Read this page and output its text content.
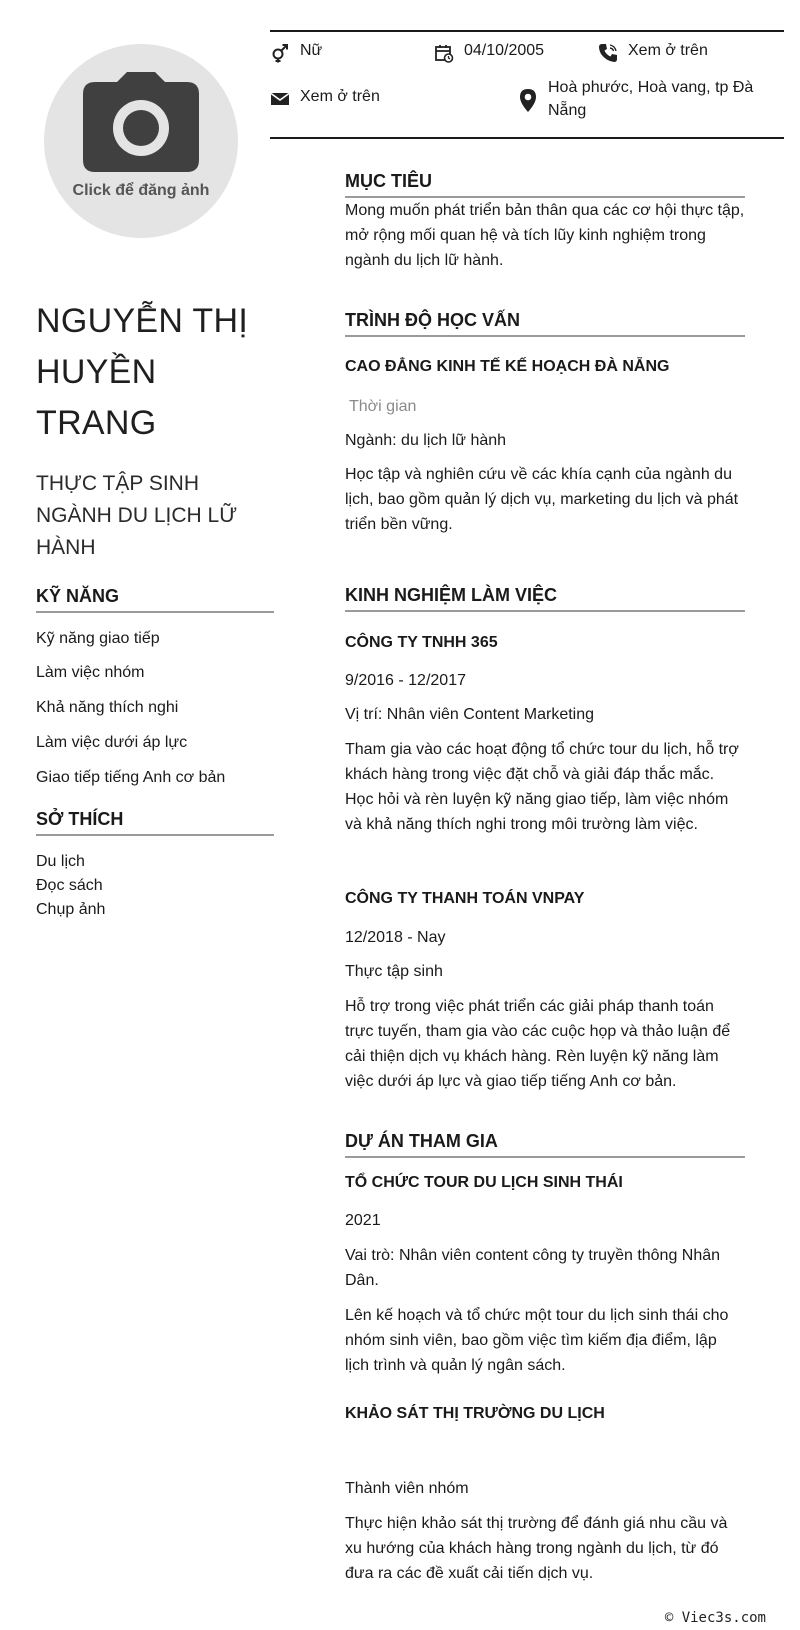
Click để đăng ảnh
NGUYỄN THỊ HUYỀN TRANG
THỰC TẬP SINH NGÀNH DU LỊCH LỮ HÀNH
Nữ	04/10/2005	Xem ở trên
Xem ở trên
Hoà phước, Hoà vang, tp Đà Nẵng
KỸ NĂNG
Kỹ năng giao tiếp
Làm việc nhóm
Khả năng thích nghi
Làm việc dưới áp lực
Giao tiếp tiếng Anh cơ bản
SỞ THÍCH
Du lịch
Đọc sách
Chụp ảnh
MỤC TIÊU
Mong muốn phát triển bản thân qua các cơ hội thực tập, mở rộng mối quan hệ và tích lũy kinh nghiệm trong ngành du lịch lữ hành.
TRÌNH ĐỘ HỌC VẤN
CAO ĐẲNG KINH TẾ KẾ HOẠCH ĐÀ NẴNG
Thời gian
Ngành: du lịch lữ hành
Học tập và nghiên cứu về các khía cạnh của ngành du lịch, bao gồm quản lý dịch vụ, marketing du lịch và phát triển bền vững.
KINH NGHIỆM LÀM VIỆC
CÔNG TY TNHH 365
9/2016 - 12/2017
Vị trí: Nhân viên Content Marketing
Tham gia vào các hoạt động tổ chức tour du lịch, hỗ trợ khách hàng trong việc đặt chỗ và giải đáp thắc mắc. Học hỏi và rèn luyện kỹ năng giao tiếp, làm việc nhóm và khả năng thích nghi trong môi trường làm việc.
CÔNG TY THANH TOÁN VNPAY
12/2018 - Nay
Thực tập sinh
Hỗ trợ trong việc phát triển các giải pháp thanh toán trực tuyến, tham gia vào các cuộc họp và thảo luận để cải thiện dịch vụ khách hàng. Rèn luyện kỹ năng làm việc dưới áp lực và giao tiếp tiếng Anh cơ bản.
DỰ ÁN THAM GIA
TỔ CHỨC TOUR DU LỊCH SINH THÁI
2021
Vai trò: Nhân viên content công ty truyền thông Nhân Dân.
Lên kế hoạch và tổ chức một tour du lịch sinh thái cho nhóm sinh viên, bao gồm việc tìm kiếm địa điểm, lập lịch trình và quản lý ngân sách.
KHẢO SÁT THỊ TRƯỜNG DU LỊCH
Thành viên nhóm
Thực hiện khảo sát thị trường để đánh giá nhu cầu và xu hướng của khách hàng trong ngành du lịch, từ đó đưa ra các đề xuất cải tiến dịch vụ.
© Viec3s.com
